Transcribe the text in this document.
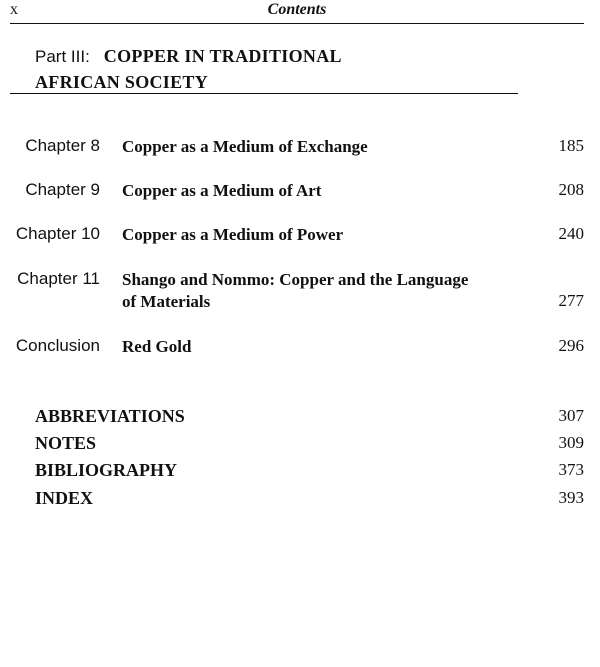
x	Contents
Part III: COPPER IN TRADITIONAL
AFRICAN SOCIETY
Chapter 8 Copper as a Medium of Exchange	185
Chapter 9 Copper as a Medium of Art	208
Chapter 10 Copper as a Medium of Power	240
Chapter 11 Shango and Nommo: Copper and the Language
of Materials	277
Conclusion Red Gold	296
ABBREVIATIONS	307
NOTES	309
BIBLIOGRAPHY	373
INDEX	393
